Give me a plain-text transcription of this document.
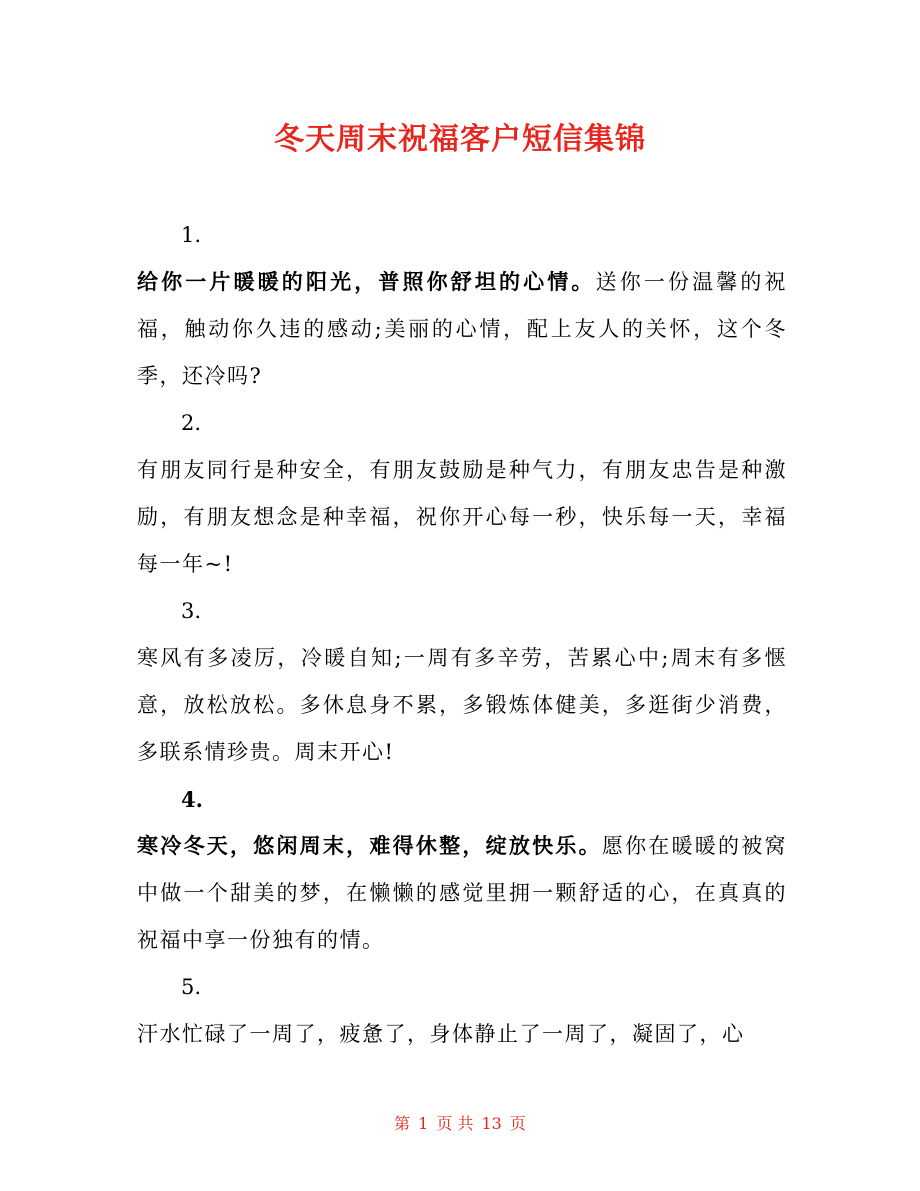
冬天周末祝福客户短信集锦

1.

给你一片暖暖的阳光，普照你舒坦的心情。送你一份温馨的祝福，触动你久违的感动;美丽的心情，配上友人的关怀，这个冬季，还冷吗?

2.

有朋友同行是种安全，有朋友鼓励是种气力，有朋友忠告是种激励，有朋友想念是种幸福，祝你开心每一秒，快乐每一天，幸福每一年~!

3.

寒风有多凌厉，冷暖自知;一周有多辛劳，苦累心中;周末有多惬意，放松放松。多休息身不累，多锻炼体健美，多逛街少消费，多联系情珍贵。周末开心!

4.

寒冷冬天，悠闲周末，难得休整，绽放快乐。愿你在暖暖的被窝中做一个甜美的梦，在懒懒的感觉里拥一颗舒适的心，在真真的祝福中享一份独有的情。

5.

汗水忙碌了一周了，疲惫了，身体静止了一周了，凝固了，心

第 1 页 共 13 页
